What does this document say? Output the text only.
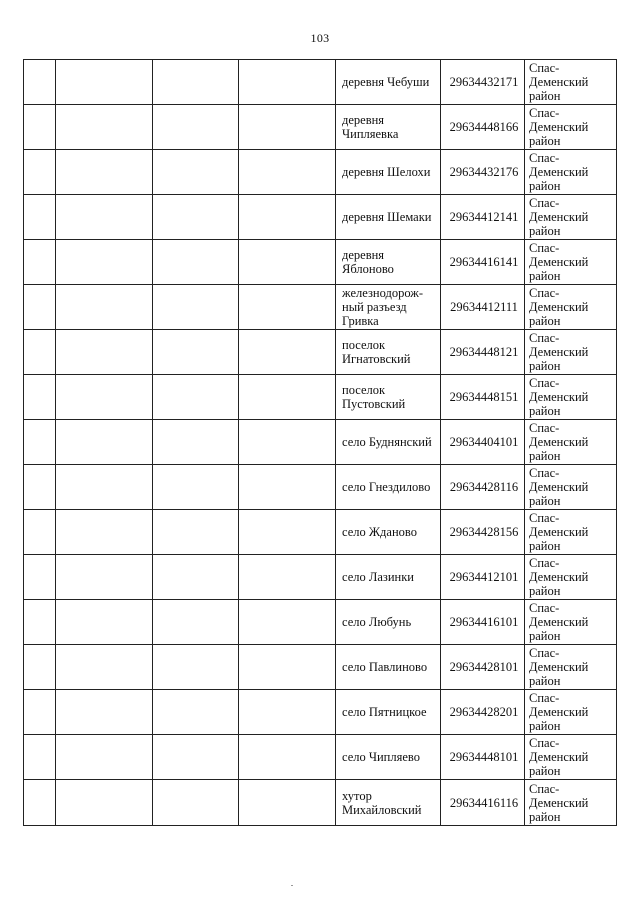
103

				деревня Чебуши	29634432171	Спас-
Деменский
район

				деревня
Чипляевка	29634448166	Спас-
Деменский
район

				деревня Шелохи	29634432176	Спас-
Деменский
район

				деревня Шемаки	29634412141	Спас-
Деменский
район

				деревня
Яблоново	29634416141	Спас-
Деменский
район

				железнодорож-
ный разъезд
Гривка	29634412111	Спас-
Деменский
район

				поселок
Игнатовский	29634448121	Спас-
Деменский
район

				поселок
Пустовский	29634448151	Спас-
Деменский
район

				село Буднянский	29634404101	Спас-
Деменский
район

				село Гнездилово	29634428116	Спас-
Деменский
район

				село Жданово	29634428156	Спас-
Деменский
район

				село Лазинки	29634412101	Спас-
Деменский
район

				село Любунь	29634416101	Спас-
Деменский
район

				село Павлиново	29634428101	Спас-
Деменский
район

				село Пятницкое	29634428201	Спас-
Деменский
район

				село Чипляево	29634448101	Спас-
Деменский
район

				хутор
Михайловский	29634416116	Спас-
Деменский
район
